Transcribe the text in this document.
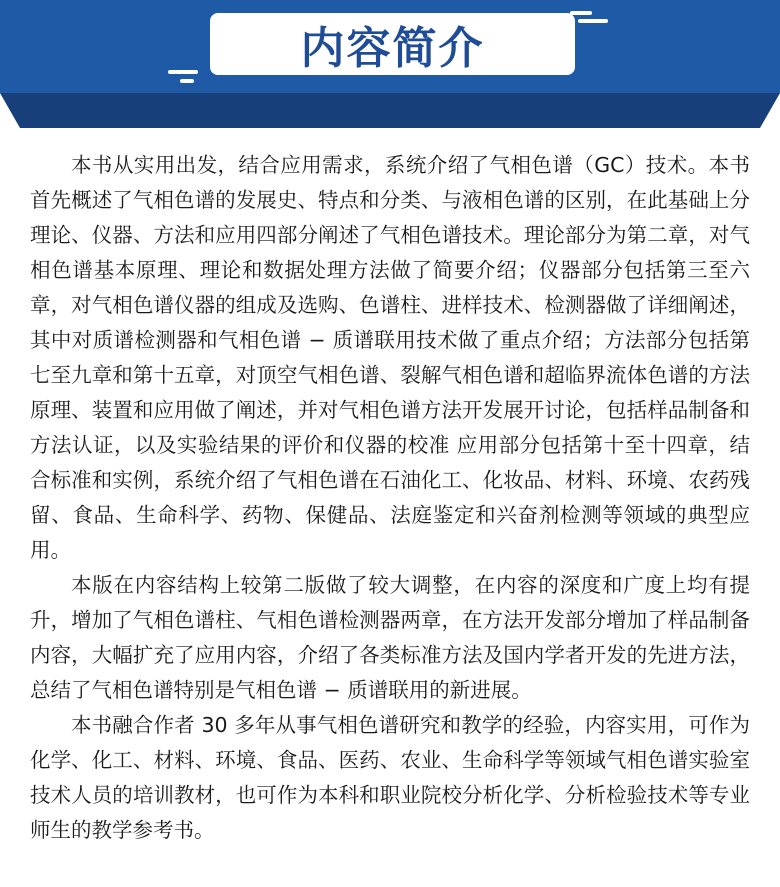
内容简介

本书从实用出发，结合应用需求，系统介绍了气相色谱（GC）技术。本书首先概述了气相色谱的发展史、特点和分类、与液相色谱的区别，在此基础上分理论、仪器、方法和应用四部分阐述了气相色谱技术。理论部分为第二章，对气相色谱基本原理、理论和数据处理方法做了简要介绍；仪器部分包括第三至六章，对气相色谱仪器的组成及选购、色谱柱、进样技术、检测器做了详细阐述，其中对质谱检测器和气相色谱 − 质谱联用技术做了重点介绍；方法部分包括第七至九章和第十五章，对顶空气相色谱、裂解气相色谱和超临界流体色谱的方法原理、装置和应用做了阐述，并对气相色谱方法开发展开讨论，包括样品制备和方法认证，以及实验结果的评价和仪器的校准 应用部分包括第十至十四章，结合标准和实例，系统介绍了气相色谱在石油化工、化妆品、材料、环境、农药残留、食品、生命科学、药物、保健品、法庭鉴定和兴奋剂检测等领域的典型应用。

本版在内容结构上较第二版做了较大调整，在内容的深度和广度上均有提升，增加了气相色谱柱、气相色谱检测器两章，在方法开发部分增加了样品制备内容，大幅扩充了应用内容，介绍了各类标准方法及国内学者开发的先进方法，总结了气相色谱特别是气相色谱 − 质谱联用的新进展。

本书融合作者 30 多年从事气相色谱研究和教学的经验，内容实用，可作为化学、化工、材料、环境、食品、医药、农业、生命科学等领域气相色谱实验室技术人员的培训教材，也可作为本科和职业院校分析化学、分析检验技术等专业师生的教学参考书。
